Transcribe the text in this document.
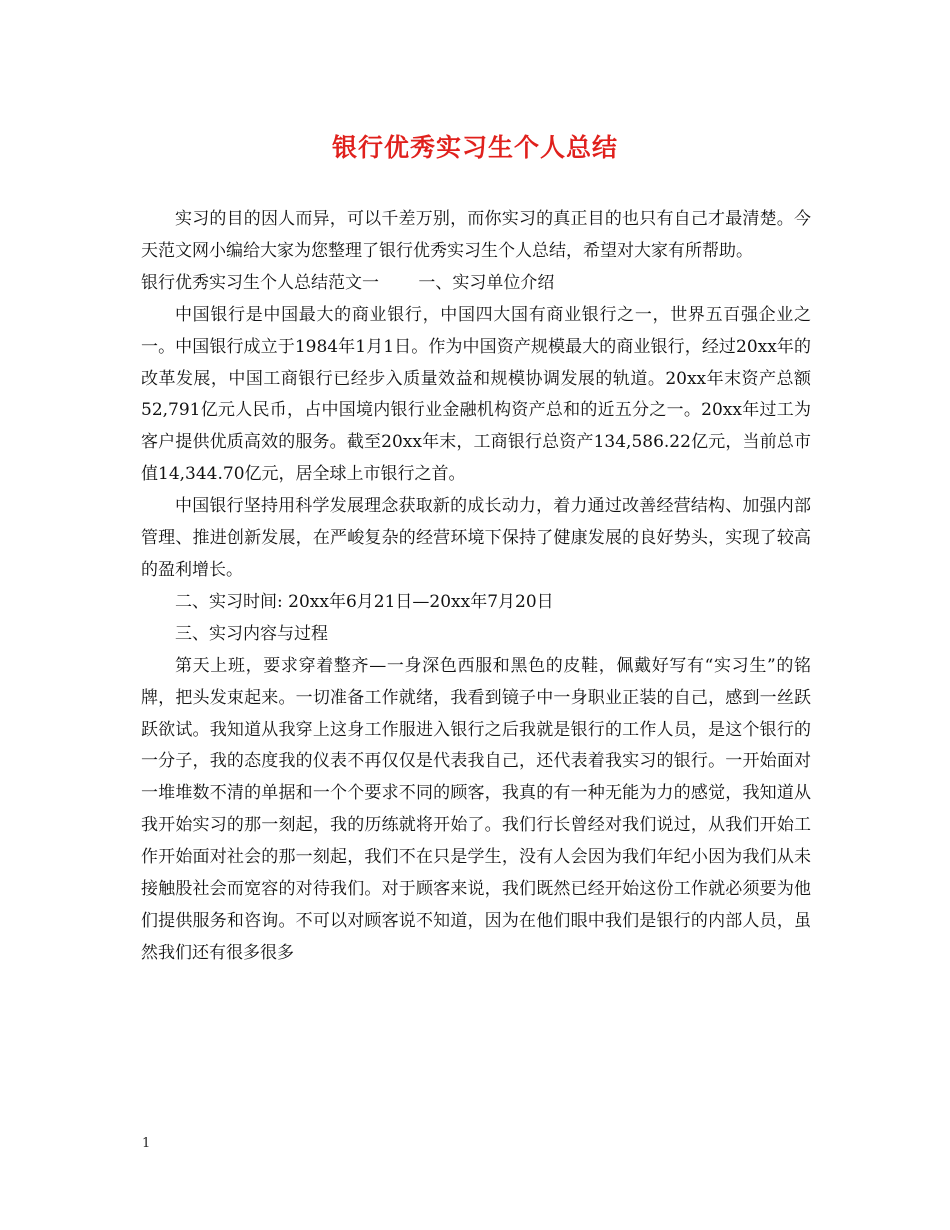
银行优秀实习生个人总结

实习的目的因人而异，可以千差万别，而你实习的真正目的也只有自己才最清楚。今天范文网小编给大家为您整理了银行优秀实习生个人总结，希望对大家有所帮助。

银行优秀实习生个人总结范文一　　 一、实习单位介绍

中国银行是中国最大的商业银行，中国四大国有商业银行之一，世界五百强企业之一。中国银行成立于1984年1月1日。作为中国资产规模最大的商业银行，经过20xx年的改革发展，中国工商银行已经步入质量效益和规模协调发展的轨道。20xx年末资产总额52,791亿元人民币，占中国境内银行业金融机构资产总和的近五分之一。20xx年过工为客户提供优质高效的服务。截至20xx年末，工商银行总资产134,586.22亿元，当前总市值14,344.70亿元，居全球上市银行之首。

中国银行坚持用科学发展理念获取新的成长动力，着力通过改善经营结构、加强内部管理、推进创新发展，在严峻复杂的经营环境下保持了健康发展的良好势头，实现了较高的盈利增长。

二、实习时间: 20xx年6月21日—20xx年7月20日

三、实习内容与过程

第天上班，要求穿着整齐—一身深色西服和黑色的皮鞋，佩戴好写有“实习生”的铭牌，把头发束起来。一切准备工作就绪，我看到镜子中一身职业正装的自己，感到一丝跃跃欲试。我知道从我穿上这身工作服进入银行之后我就是银行的工作人员，是这个银行的一分子，我的态度我的仪表不再仅仅是代表我自己，还代表着我实习的银行。一开始面对一堆堆数不清的单据和一个个要求不同的顾客，我真的有一种无能为力的感觉，我知道从我开始实习的那一刻起，我的历练就将开始了。我们行长曾经对我们说过，从我们开始工作开始面对社会的那一刻起，我们不在只是学生，没有人会因为我们年纪小因为我们从未接触股社会而宽容的对待我们。对于顾客来说，我们既然已经开始这份工作就必须要为他们提供服务和咨询。不可以对顾客说不知道，因为在他们眼中我们是银行的内部人员，虽然我们还有很多很多

1
